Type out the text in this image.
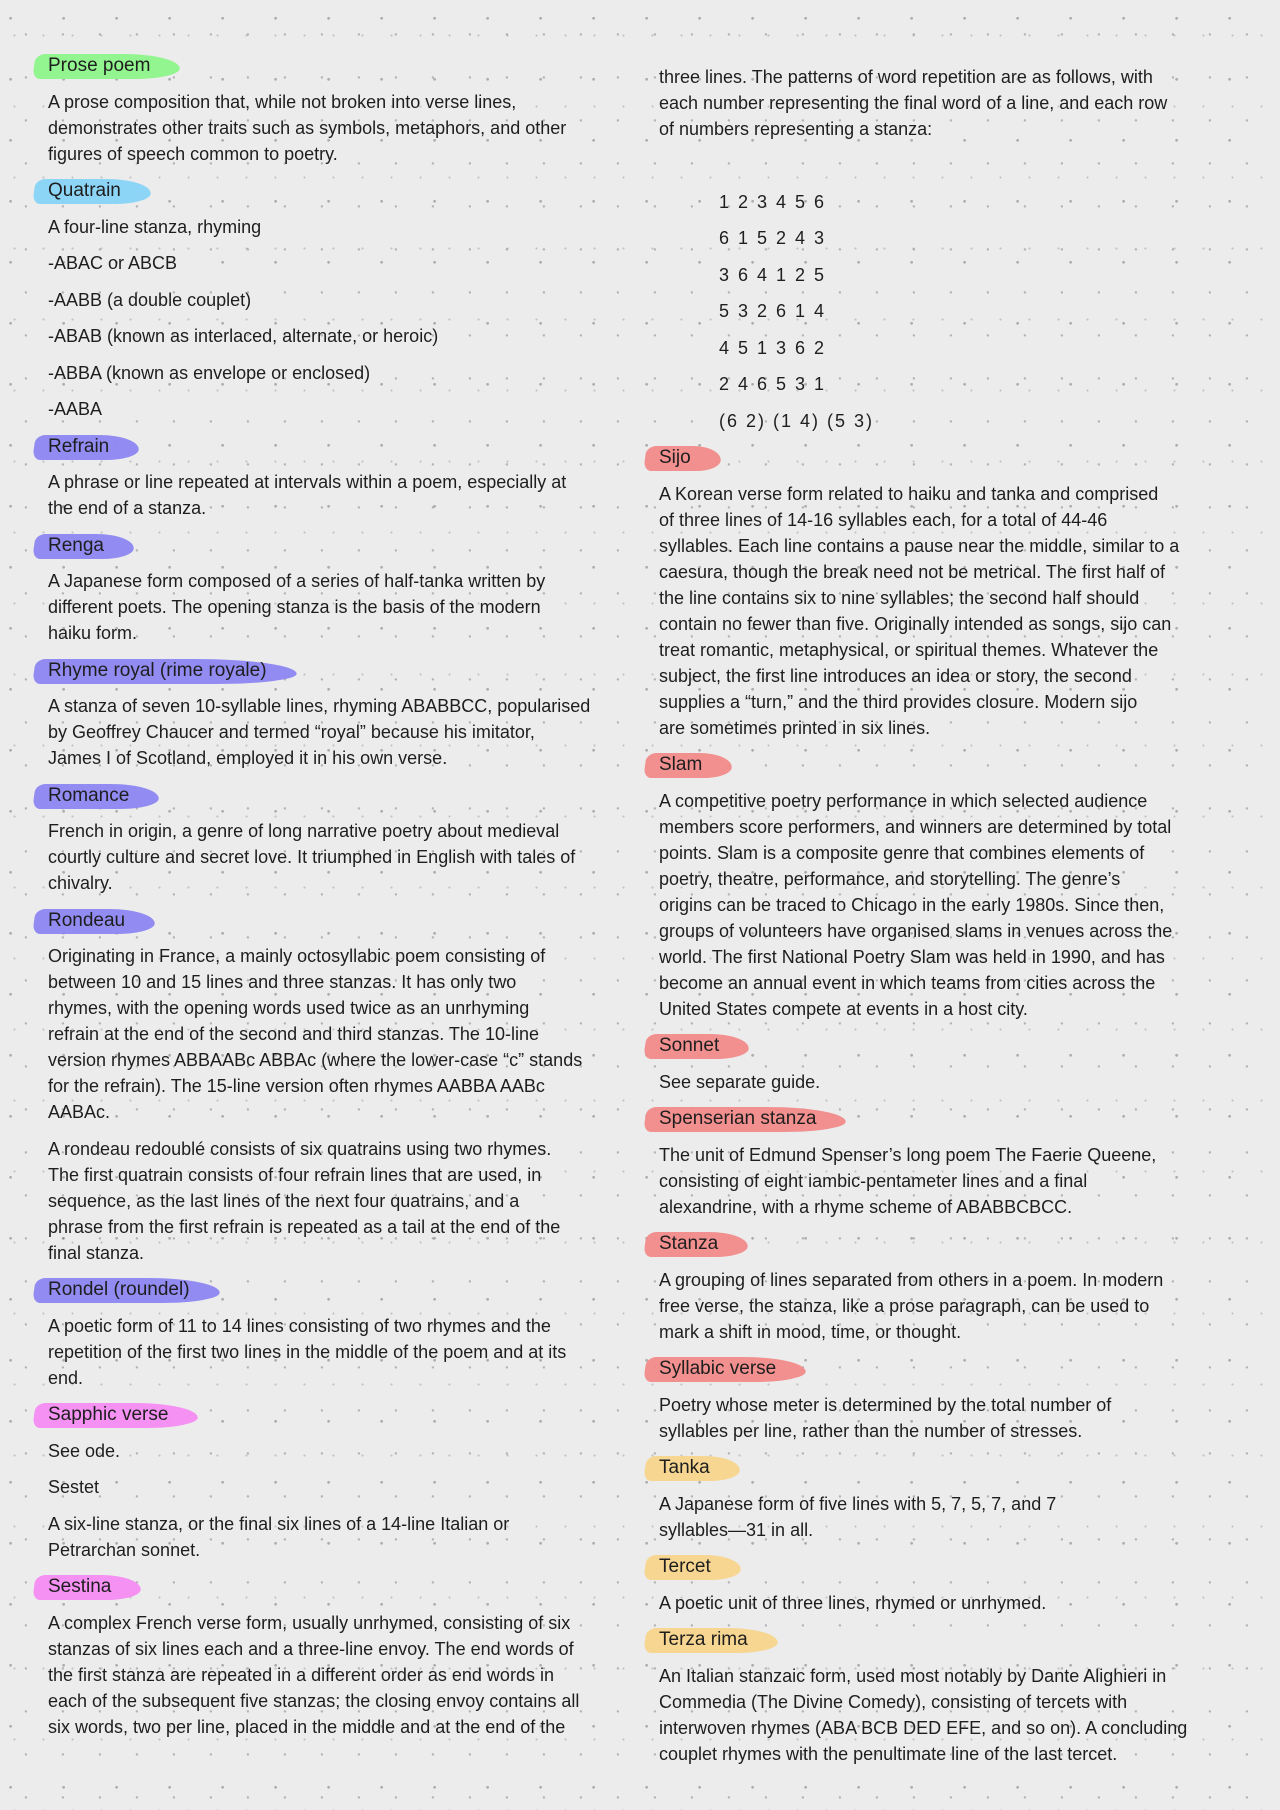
Prose poem
A prose composition that, while not broken into verse lines,
demonstrates other traits such as symbols, metaphors, and other
figures of speech common to poetry.
Quatrain
A four-line stanza, rhyming
-ABAC or ABCB
-AABB (a double couplet)
-ABAB (known as interlaced, alternate, or heroic)
-ABBA (known as envelope or enclosed)
-AABA
Refrain
A phrase or line repeated at intervals within a poem, especially at
the end of a stanza.
Renga
A Japanese form composed of a series of half-tanka written by
different poets. The opening stanza is the basis of the modern
haiku form.
Rhyme royal (rime royale)
A stanza of seven 10-syllable lines, rhyming ABABBCC, popularised
by Geoffrey Chaucer and termed “royal” because his imitator,
James I of Scotland, employed it in his own verse.
Romance
French in origin, a genre of long narrative poetry about medieval
courtly culture and secret love. It triumphed in English with tales of
chivalry.
Rondeau
Originating in France, a mainly octosyllabic poem consisting of
between 10 and 15 lines and three stanzas. It has only two
rhymes, with the opening words used twice as an unrhyming
refrain at the end of the second and third stanzas. The 10-line
version rhymes ABBAABc ABBAc (where the lower-case “c” stands
for the refrain). The 15-line version often rhymes AABBA AABc
AABAc.
A rondeau redoublé consists of six quatrains using two rhymes.
The first quatrain consists of four refrain lines that are used, in
sequence, as the last lines of the next four quatrains, and a
phrase from the first refrain is repeated as a tail at the end of the
final stanza.
Rondel (roundel)
A poetic form of 11 to 14 lines consisting of two rhymes and the
repetition of the first two lines in the middle of the poem and at its
end.
Sapphic verse
See ode.
Sestet
A six-line stanza, or the final six lines of a 14-line Italian or
Petrarchan sonnet.
Sestina
A complex French verse form, usually unrhymed, consisting of six
stanzas of six lines each and a three-line envoy. The end words of
the first stanza are repeated in a different order as end words in
each of the subsequent five stanzas; the closing envoy contains all
six words, two per line, placed in the middle and at the end of the
three lines. The patterns of word repetition are as follows, with
each number representing the final word of a line, and each row
of numbers representing a stanza:
1 2 3 4 5 6
6 1 5 2 4 3
3 6 4 1 2 5
5 3 2 6 1 4
4 5 1 3 6 2
2 4 6 5 3 1
(6 2) (1 4) (5 3)
Sijo
A Korean verse form related to haiku and tanka and comprised
of three lines of 14-16 syllables each, for a total of 44-46
syllables. Each line contains a pause near the middle, similar to a
caesura, though the break need not be metrical. The first half of
the line contains six to nine syllables; the second half should
contain no fewer than five. Originally intended as songs, sijo can
treat romantic, metaphysical, or spiritual themes. Whatever the
subject, the first line introduces an idea or story, the second
supplies a “turn,” and the third provides closure. Modern sijo
are sometimes printed in six lines.
Slam
A competitive poetry performance in which selected audience
members score performers, and winners are determined by total
points. Slam is a composite genre that combines elements of
poetry, theatre, performance, and storytelling. The genre’s
origins can be traced to Chicago in the early 1980s. Since then,
groups of volunteers have organised slams in venues across the
world. The first National Poetry Slam was held in 1990, and has
become an annual event in which teams from cities across the
United States compete at events in a host city.
Sonnet
See separate guide.
Spenserian stanza
The unit of Edmund Spenser’s long poem The Faerie Queene,
consisting of eight iambic-pentameter lines and a final
alexandrine, with a rhyme scheme of ABABBCBCC.
Stanza
A grouping of lines separated from others in a poem. In modern
free verse, the stanza, like a prose paragraph, can be used to
mark a shift in mood, time, or thought.
Syllabic verse
Poetry whose meter is determined by the total number of
syllables per line, rather than the number of stresses.
Tanka
A Japanese form of five lines with 5, 7, 5, 7, and 7
syllables—31 in all.
Tercet
A poetic unit of three lines, rhymed or unrhymed.
Terza rima
An Italian stanzaic form, used most notably by Dante Alighieri in
Commedia (The Divine Comedy), consisting of tercets with
interwoven rhymes (ABA BCB DED EFE, and so on). A concluding
couplet rhymes with the penultimate line of the last tercet.
